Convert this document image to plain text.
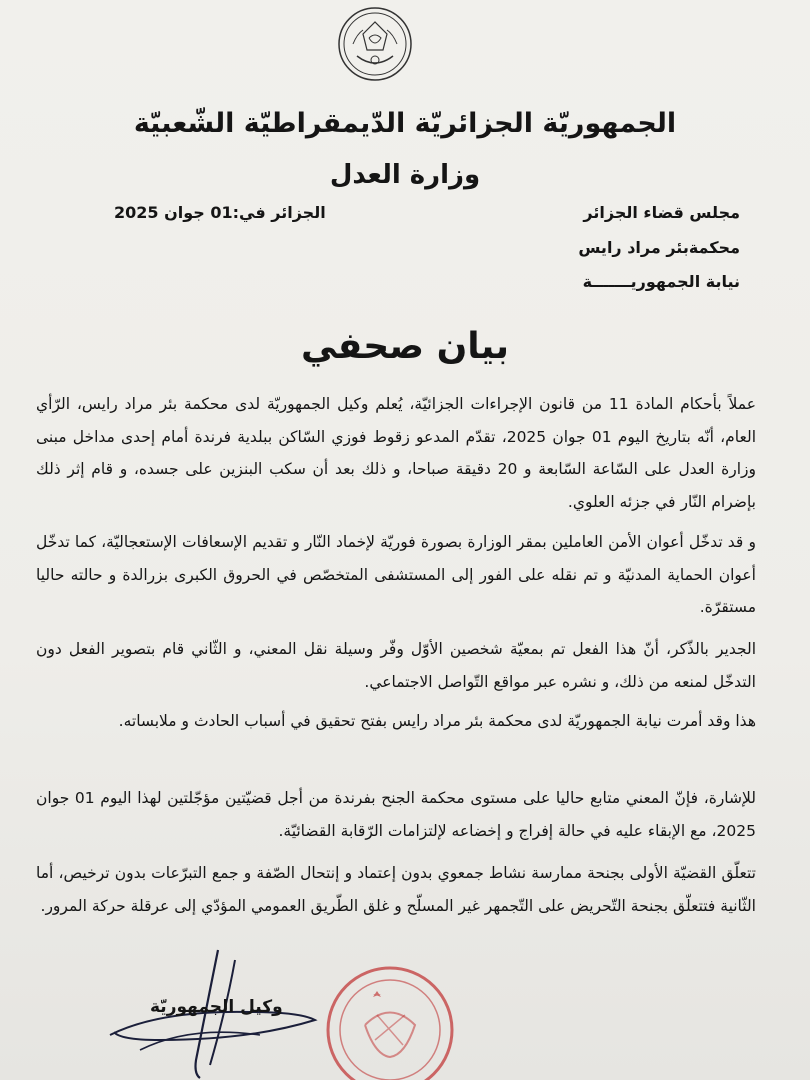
الجمهوريّة الجزائريّة الدّيمقراطيّة الشّعبيّة
وزارة العدل
مجلس قضاء الجزائر
محكمةبئر مراد رايس
نيابة الجمهوريـــــــة
الجزائر في:01 جوان 2025
بيان صحفي
عملاً بأحكام المادة 11 من قانون الإجراءات الجزائيّة، يُعلم وكيل الجمهوريّة لدى محكمة بئر مراد رايس، الرّأي العام، أنّه بتاريخ اليوم 01 جوان 2025، تقدّم المدعو زقوط فوزي السّاكن ببلدية فرندة أمام إحدى مداخل مبنى وزارة العدل على السّاعة السّابعة و 20 دقيقة صباحا، و ذلك بعد أن سكب البنزين على جسده، و قام إثر ذلك بإضرام النّار في جزئه العلوي.
و قد تدخّل أعوان الأمن العاملين بمقر الوزارة بصورة فوريّة لإخماد النّار و تقديم الإسعافات الإستعجاليّة، كما تدخّل أعوان الحماية المدنيّة و تم نقله على الفور إلى المستشفى المتخصّص في الحروق الكبرى بزرالدة و حالته حاليا مستقرّة.
الجدير بالذّكر، أنّ هذا الفعل تم بمعيّة شخصين الأوّل وفّر وسيلة نقل المعني، و الثّاني قام بتصوير الفعل دون التدخّل لمنعه من ذلك، و نشره عبر مواقع التّواصل الاجتماعي.
هذا وقد أمرت نيابة الجمهوريّة لدى محكمة بئر مراد رايس بفتح تحقيق في أسباب الحادث و ملابساته.
للإشارة، فإنّ المعني متابع حاليا على مستوى محكمة الجنح بفرندة من أجل قضيّتين مؤجّلتين لهذا اليوم 01 جوان 2025، مع الإبقاء عليه في حالة إفراج و إخضاعه لإلتزامات الرّقابة القضائيّة.
تتعلّق القضيّة الأولى بجنحة ممارسة نشاط جمعوي بدون إعتماد و إنتحال الصّفة و جمع التبرّعات بدون ترخيص، أما الثّانية فتتعلّق بجنحة التّحريض على التّجمهر غير المسلّح و غلق الطّريق العمومي المؤدّي إلى عرقلة حركة المرور.
وكيل الجمهوريّة
